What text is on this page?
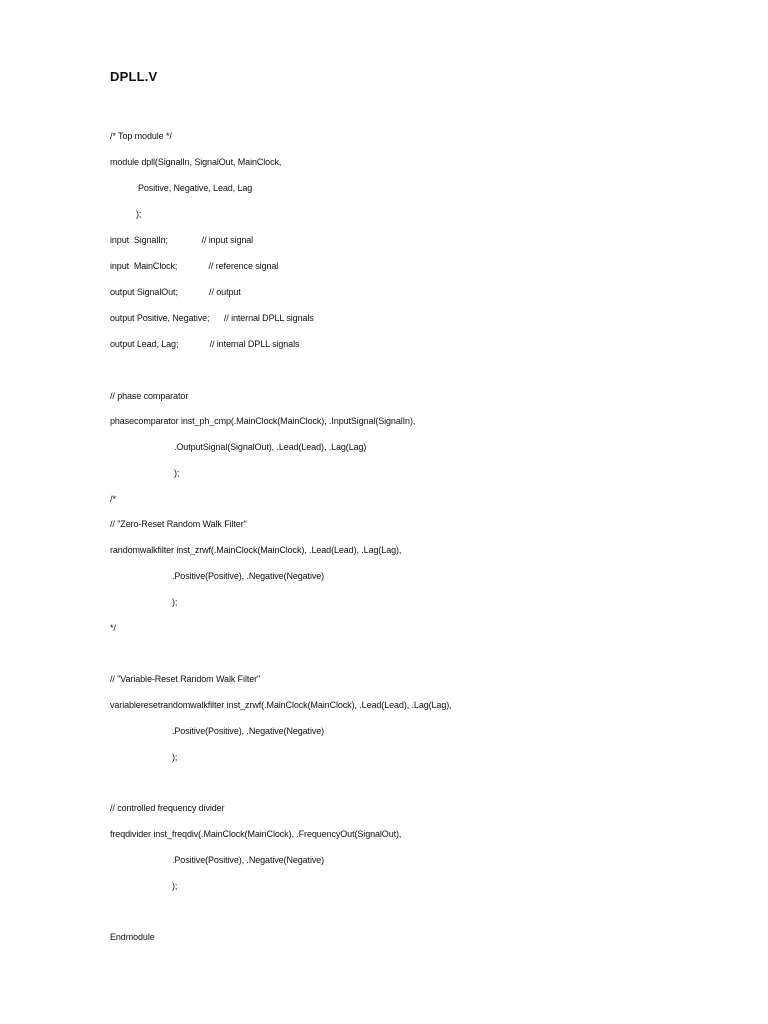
DPLL.V
/* Top module */
module dpll(SignalIn, SignalOut, MainClock,
Positive, Negative, Lead, Lag
);
input  SignalIn;              // input signal
input  MainClock;             // reference signal
output SignalOut;             // output
output Positive, Negative;      // internal DPLL signals
output Lead, Lag;             // internal DPLL signals
// phase comparator
phasecomparator inst_ph_cmp(.MainClock(MainClock), .InputSignal(SignalIn),
.OutputSignal(SignalOut), .Lead(Lead), .Lag(Lag)
);
/*
// "Zero-Reset Random Walk Filter"
randomwalkfilter inst_zrwf(.MainClock(MainClock), .Lead(Lead), .Lag(Lag),
.Positive(Positive), .Negative(Negative)
);
*/
// "Variable-Reset Random Walk Filter"
variableresetrandomwalkfilter inst_zrwf(.MainClock(MainClock), .Lead(Lead), .Lag(Lag),
.Positive(Positive), .Negative(Negative)
);
// controlled frequency divider
freqdivider inst_freqdiv(.MainClock(MainClock), .FrequencyOut(SignalOut),
.Positive(Positive), .Negative(Negative)
);
Endmodule
